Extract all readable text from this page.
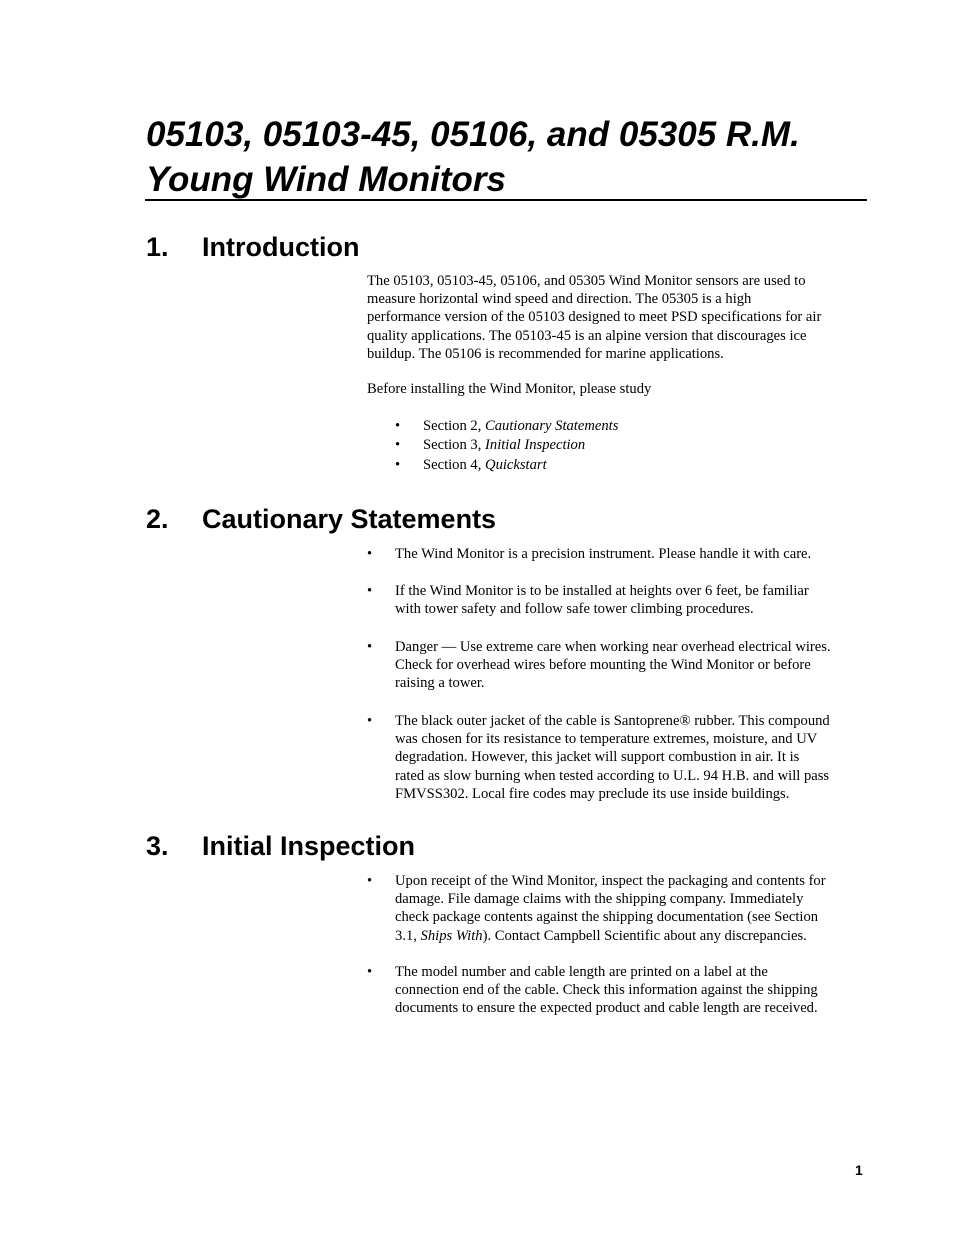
05103, 05103-45, 05106, and 05305 R.M.
Young Wind Monitors
1. Introduction
The 05103, 05103-45, 05106, and 05305 Wind Monitor sensors are used to
measure horizontal wind speed and direction. The 05305 is a high
performance version of the 05103 designed to meet PSD specifications for air
quality applications. The 05103-45 is an alpine version that discourages ice
buildup. The 05106 is recommended for marine applications.
Before installing the Wind Monitor, please study
• Section 2, Cautionary Statements
• Section 3, Initial Inspection
• Section 4, Quickstart
2. Cautionary Statements
•	The Wind Monitor is a precision instrument. Please handle it with care.
•	If the Wind Monitor is to be installed at heights over 6 feet, be familiar
with tower safety and follow safe tower climbing procedures.
•	Danger — Use extreme care when working near overhead electrical wires.
Check for overhead wires before mounting the Wind Monitor or before
raising a tower.
•	The black outer jacket of the cable is Santoprene® rubber. This compound
was chosen for its resistance to temperature extremes, moisture, and UV
degradation. However, this jacket will support combustion in air. It is
rated as slow burning when tested according to U.L. 94 H.B. and will pass
FMVSS302. Local fire codes may preclude its use inside buildings.
3. Initial Inspection
•	Upon receipt of the Wind Monitor, inspect the packaging and contents for
damage. File damage claims with the shipping company. Immediately
check package contents against the shipping documentation (see Section
3.1, Ships With). Contact Campbell Scientific about any discrepancies.
•	The model number and cable length are printed on a label at the
connection end of the cable. Check this information against the shipping
documents to ensure the expected product and cable length are received.
1
